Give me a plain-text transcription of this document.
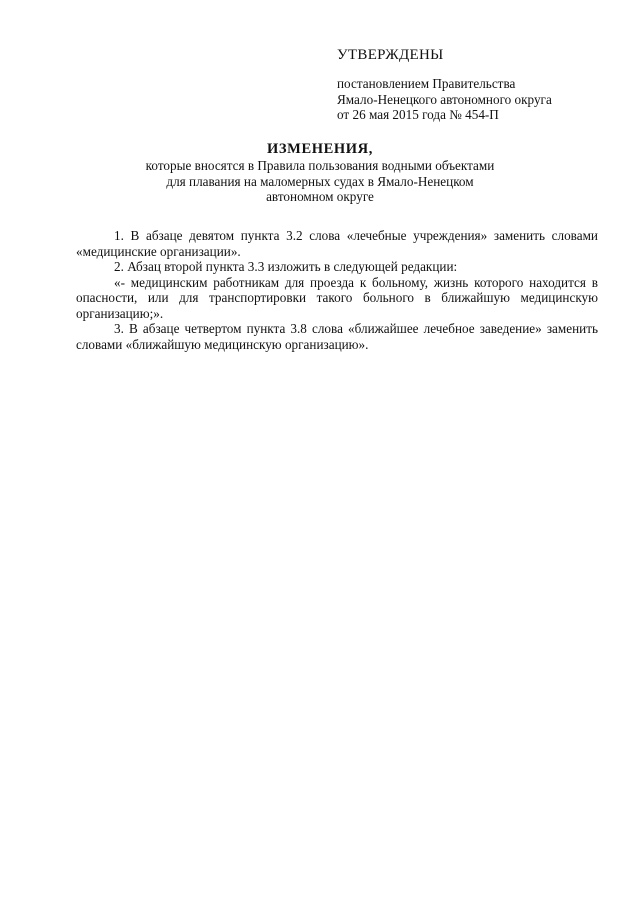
УТВЕРЖДЕНЫ
постановлением Правительства
Ямало-Ненецкого автономного округа
от 26 мая 2015 года № 454-П
ИЗМЕНЕНИЯ,
которые вносятся в Правила пользования водными объектами
для плавания на маломерных судах в Ямало-Ненецком
автономном округе

1. В абзаце девятом пункта 3.2 слова «лечебные учреждения» заменить словами «медицинские организации».

2. Абзац второй пункта 3.3 изложить в следующей редакции:

«- медицинским работникам для проезда к больному, жизнь которого находится в опасности, или для транспортировки такого больного в ближайшую медицинскую организацию;».

3. В абзаце четвертом пункта 3.8 слова «ближайшее лечебное заведение» заменить словами «ближайшую медицинскую организацию».
